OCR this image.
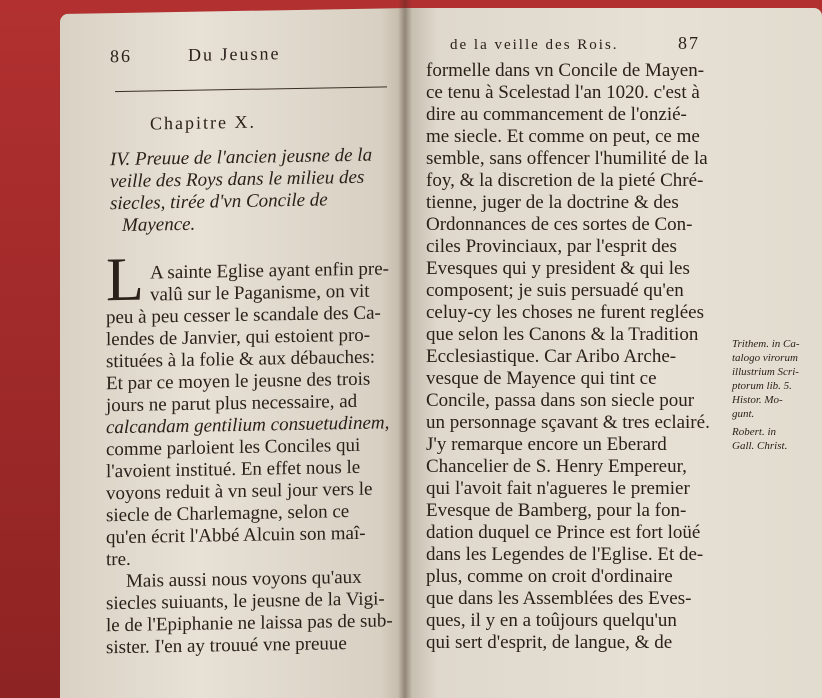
86	Du Jeusne
Chapitre X.
IV. Preuue de l'ancien jeusne de la
veille des Roys dans le milieu des
siecles, tirée d'vn Concile de
Mayence.
L A sainte Eglise ayant enfin pre-
valû sur le Paganisme, on vit
peu à peu cesser le scandale des Ca-
lendes de Janvier, qui estoient pro-
stituées à la folie & aux débauches:
Et par ce moyen le jeusne des trois
jours ne parut plus necessaire, ad
calcandam gentilium consuetudinem,
comme parloient les Conciles qui
l'avoient institué. En effet nous le
voyons reduit à vn seul jour vers le
siecle de Charlemagne, selon ce
qu'en écrit l'Abbé Alcuin son maî-
tre.
Mais aussi nous voyons qu'aux
siecles suiuants, le jeusne de la Vigi-
le de l'Epiphanie ne laissa pas de sub-
sister. I'en ay trouué vne preuue
de la veille des Rois.	87
formelle dans vn Concile de Mayen-
ce tenu à Scelestad l'an 1020. c'est à
dire au commancement de l'onzié-
me siecle. Et comme on peut, ce me
semble, sans offencer l'humilité de la
foy, & la discretion de la pieté Chré-
tienne, juger de la doctrine & des
Ordonnances de ces sortes de Con-
ciles Provinciaux, par l'esprit des
Evesques qui y president & qui les
composent; je suis persuadé qu'en
celuy-cy les choses ne furent reglées
que selon les Canons & la Tradition
Ecclesiastique. Car Aribo Arche-
vesque de Mayence qui tint ce
Concile, passa dans son siecle pour
un personnage sçavant & tres eclairé.
J'y remarque encore un Eberard
Chancelier de S. Henry Empereur,
qui l'avoit fait n'agueres le premier
Evesque de Bamberg, pour la fon-
dation duquel ce Prince est fort loüé
dans les Legendes de l'Eglise. Et de-
plus, comme on croit d'ordinaire
que dans les Assemblées des Eves-
ques, il y en a toûjours quelqu'un
qui sert d'esprit, de langue, & de
Trithem. in Ca-
talogo virorum
illustrium Scri-
ptorum lib. 5.
Histor. Mo-
gunt.
Robert. in
Gall. Christ.
